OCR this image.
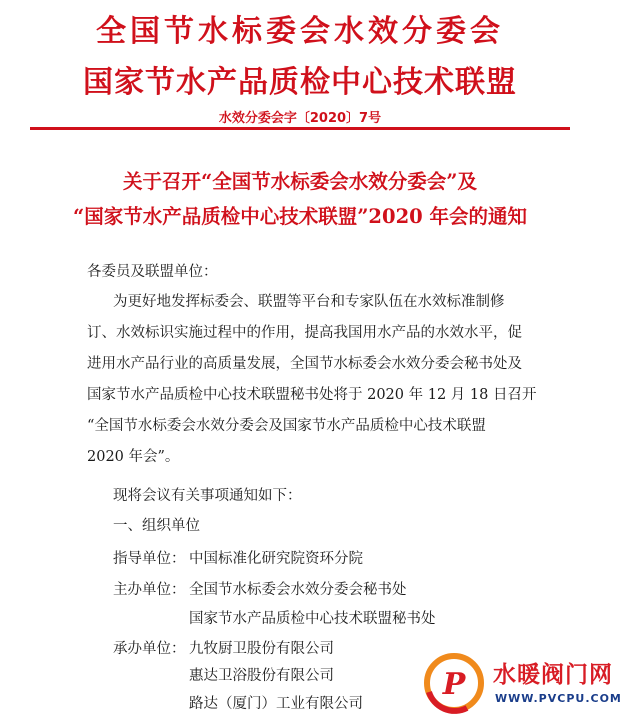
全国节水标委会水效分委会
国家节水产品质检中心技术联盟
水效分委会字〔2020〕7号
关于召开“全国节水标委会水效分委会”及
“国家节水产品质检中心技术联盟”2020 年会的通知
各委员及联盟单位：
为更好地发挥标委会、联盟等平台和专家队伍在水效标准制修
订、水效标识实施过程中的作用，提高我国用水产品的水效水平，促
进用水产品行业的高质量发展，全国节水标委会水效分委会秘书处及
国家节水产品质检中心技术联盟秘书处将于 2020 年 12 月 18 日召开
“全国节水标委会水效分委会及国家节水产品质检中心技术联盟
2020 年会”。
现将会议有关事项通知如下：
一、组织单位
指导单位： 中国标准化研究院资环分院
主办单位： 全国节水标委会水效分委会秘书处
国家节水产品质检中心技术联盟秘书处
承办单位： 九牧厨卫股份有限公司
惠达卫浴股份有限公司
路达（厦门）工业有限公司
P 水暖阀门网
WWW.PVCPU.COM
